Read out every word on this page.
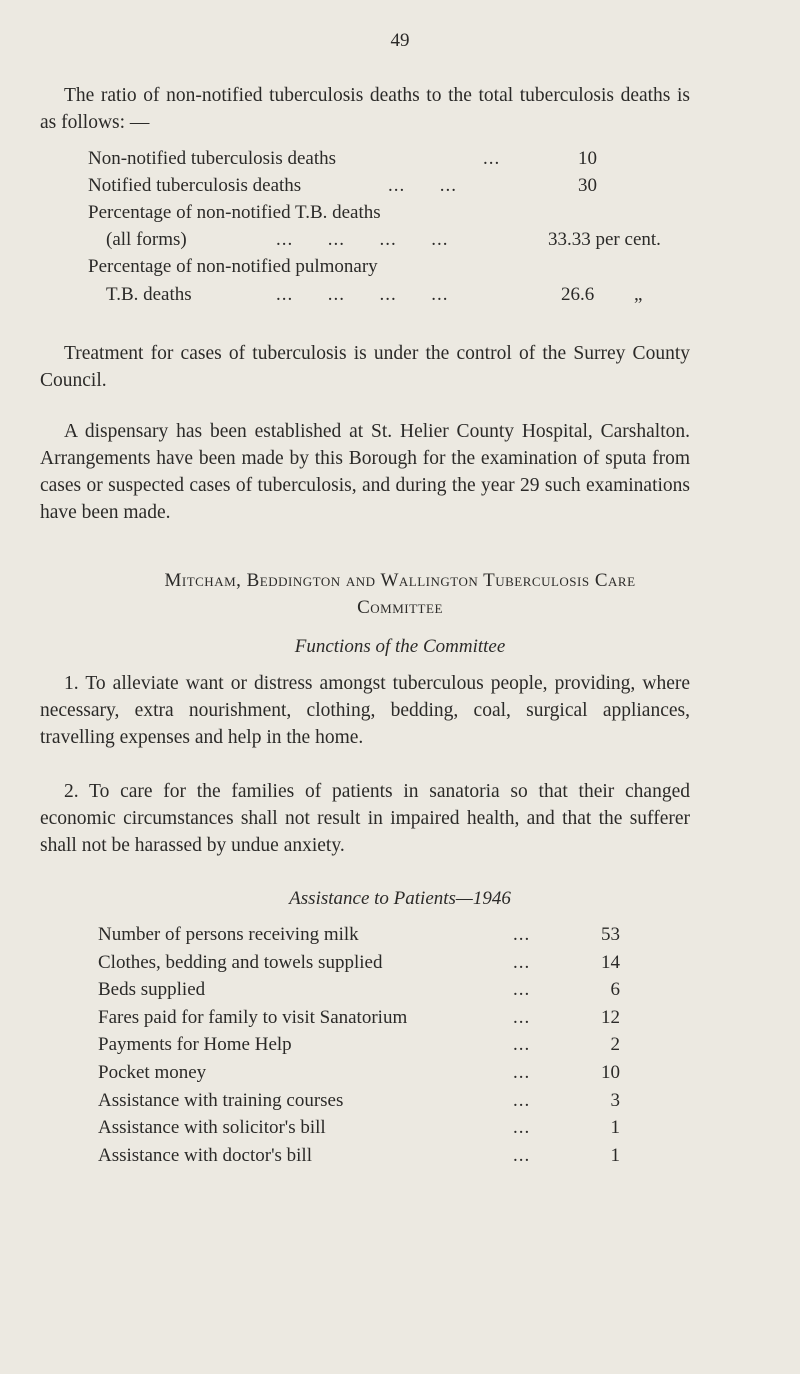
49

The ratio of non-notified tuberculosis deaths to the total tuberculosis deaths is as follows: —

Non-notified tuberculosis deaths	...	10
Notified tuberculosis deaths	...      ...	30
Percentage of non-notified T.B. deaths
(all forms)	...      ...      ...      ...	33.33 per cent.
Percentage of non-notified pulmonary
T.B. deaths	...      ...      ...      ...	26.6 „

Treatment for cases of tuberculosis is under the control of the Surrey County Council.

A dispensary has been established at St. Helier County Hospital, Carshalton. Arrangements have been made by this Borough for the examination of sputa from cases or suspected cases of tuberculosis, and during the year 29 such examinations have been made.

Mitcham, Beddington and Wallington Tuberculosis Care
Committee
Functions of the Committee

1. To alleviate want or distress amongst tuberculous people, providing, where necessary, extra nourishment, clothing, bedding, coal, surgical appliances, travelling expenses and help in the home.

2. To care for the families of patients in sanatoria so that their changed economic circumstances shall not result in impaired health, and that the sufferer shall not be harassed by undue anxiety.

Assistance to Patients—1946
Number of persons receiving milk	...	53
Clothes, bedding and towels supplied	...	14
Beds supplied	...	6
Fares paid for family to visit Sanatorium	...	12
Payments for Home Help	...	2
Pocket money	...	10
Assistance with training courses	...	3
Assistance with solicitor's bill	...	1
Assistance with doctor's bill	...	1
